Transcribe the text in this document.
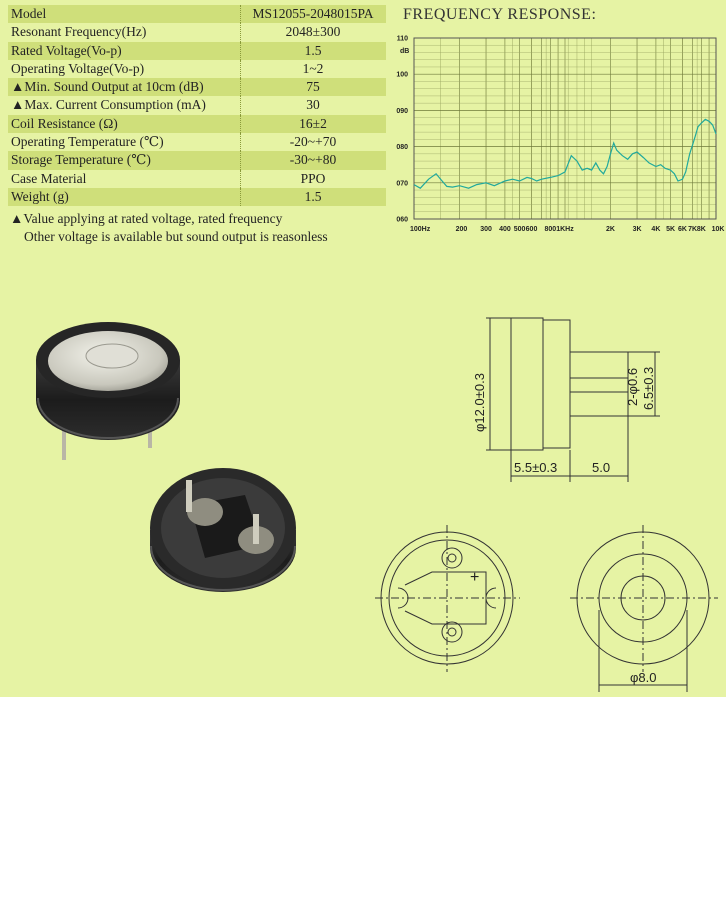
Model	MS12055-2048015PA
Resonant Frequency(Hz)	2048±300
Rated Voltage(Vo-p)	1.5
Operating Voltage(Vo-p)	1~2
▲Min. Sound Output at 10cm (dB)	75
▲Max. Current Consumption (mA)	30
Coil Resistance (Ω)	16±2
Operating Temperature (℃)	-20~+70
Storage Temperature (℃)	-30~+80
Case Material	PPO
Weight (g)	1.5
▲Value applying at rated voltage, rated frequency
Other voltage is available but sound output is reasonless
FREQUENCY RESPONSE:
110
100
090
080
070
060
100Hz	200 300 400 500 600 800 1KHz	2K	3K 4K 5K 6K 7K 8K 10K
dB
φ12.0±0.3	2-φ0.6 6.5±0.3
5.5±0.3	5.0
+
φ8.0
